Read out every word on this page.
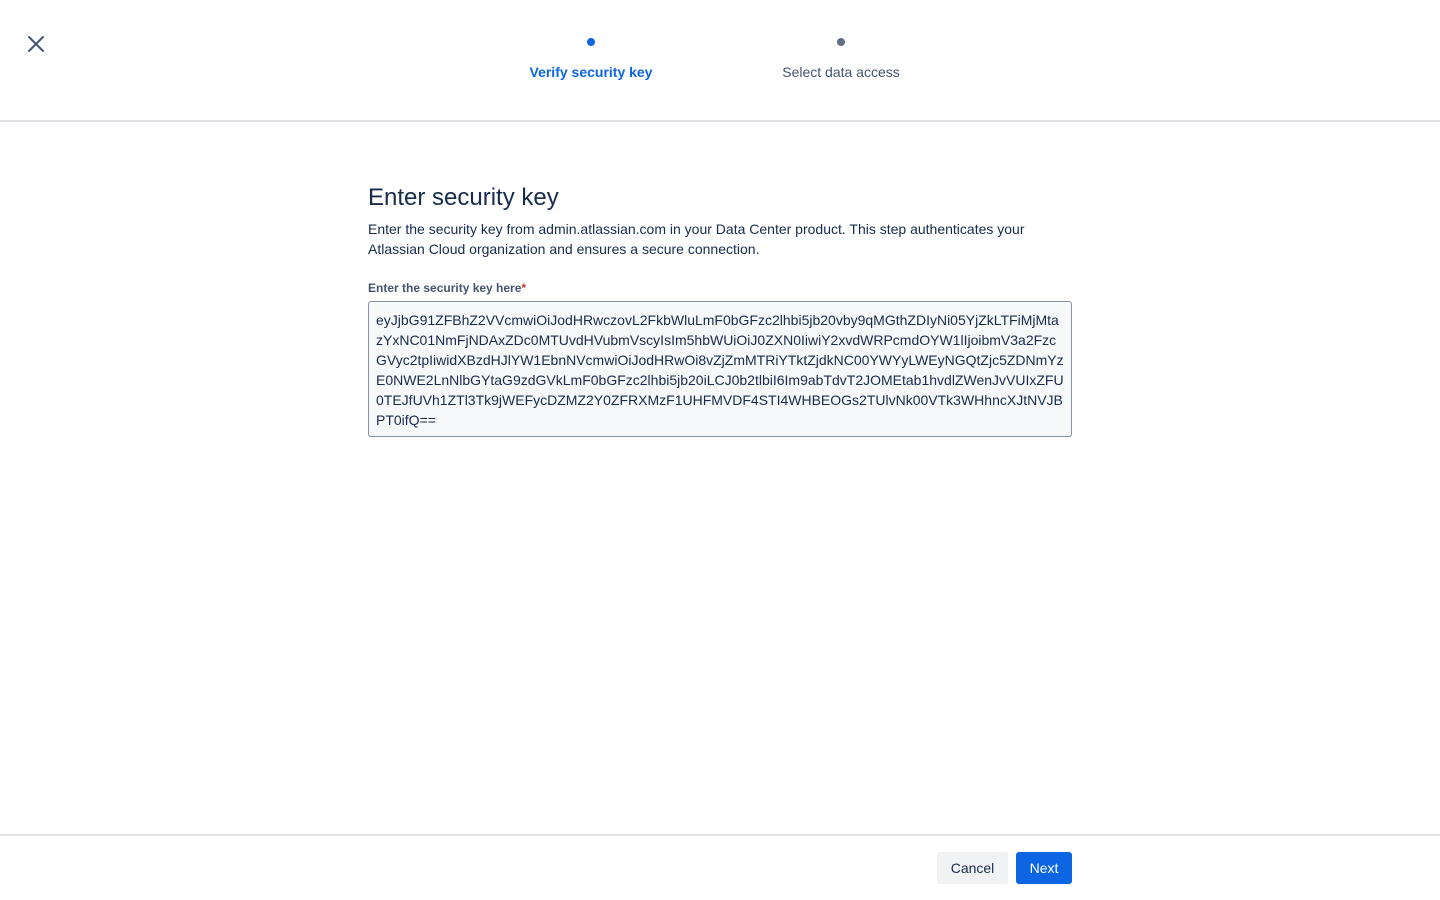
Verify security key	Select data access
Enter security key

Enter the security key from admin.atlassian.com in your Data Center product. This step authenticates your Atlassian Cloud organization and ensures a secure connection.

Enter the security key here*
eyJjbG91ZFBhZ2VVcmwiOiJodHRwczovL2FkbWluLmF0bGFzc2lhbi5jb20vby9qMGthZDIyNi05YjZkLTFiMjMtazYxNC01NmFjNDAxZDc0MTUvdHVubmVscyIsIm5hbWUiOiJ0ZXN0IiwiY2xvdWRPcmdOYW1lIjoibmV3a2FzcGVyc2tpIiwidXBzdHJlYW1EbnNVcmwiOiJodHRwOi8vZjZmMTRiYTktZjdkNC00YWYyLWEyNGQtZjc5ZDNmYzE0NWE2LnNlbGYtaG9zdGVkLmF0bGFzc2lhbi5jb20iLCJ0b2tlbiI6Im9abTdvT2JOMEtab1hvdlZWenJvVUIxZFU0TEJfUVh1ZTl3Tk9jWEFycDZMZ2Y0ZFRXMzF1UHFMVDF4STI4WHBEOGs2TUlvNk00VTk3WHhncXJtNVJBPT0ifQ==
Cancel	Next
